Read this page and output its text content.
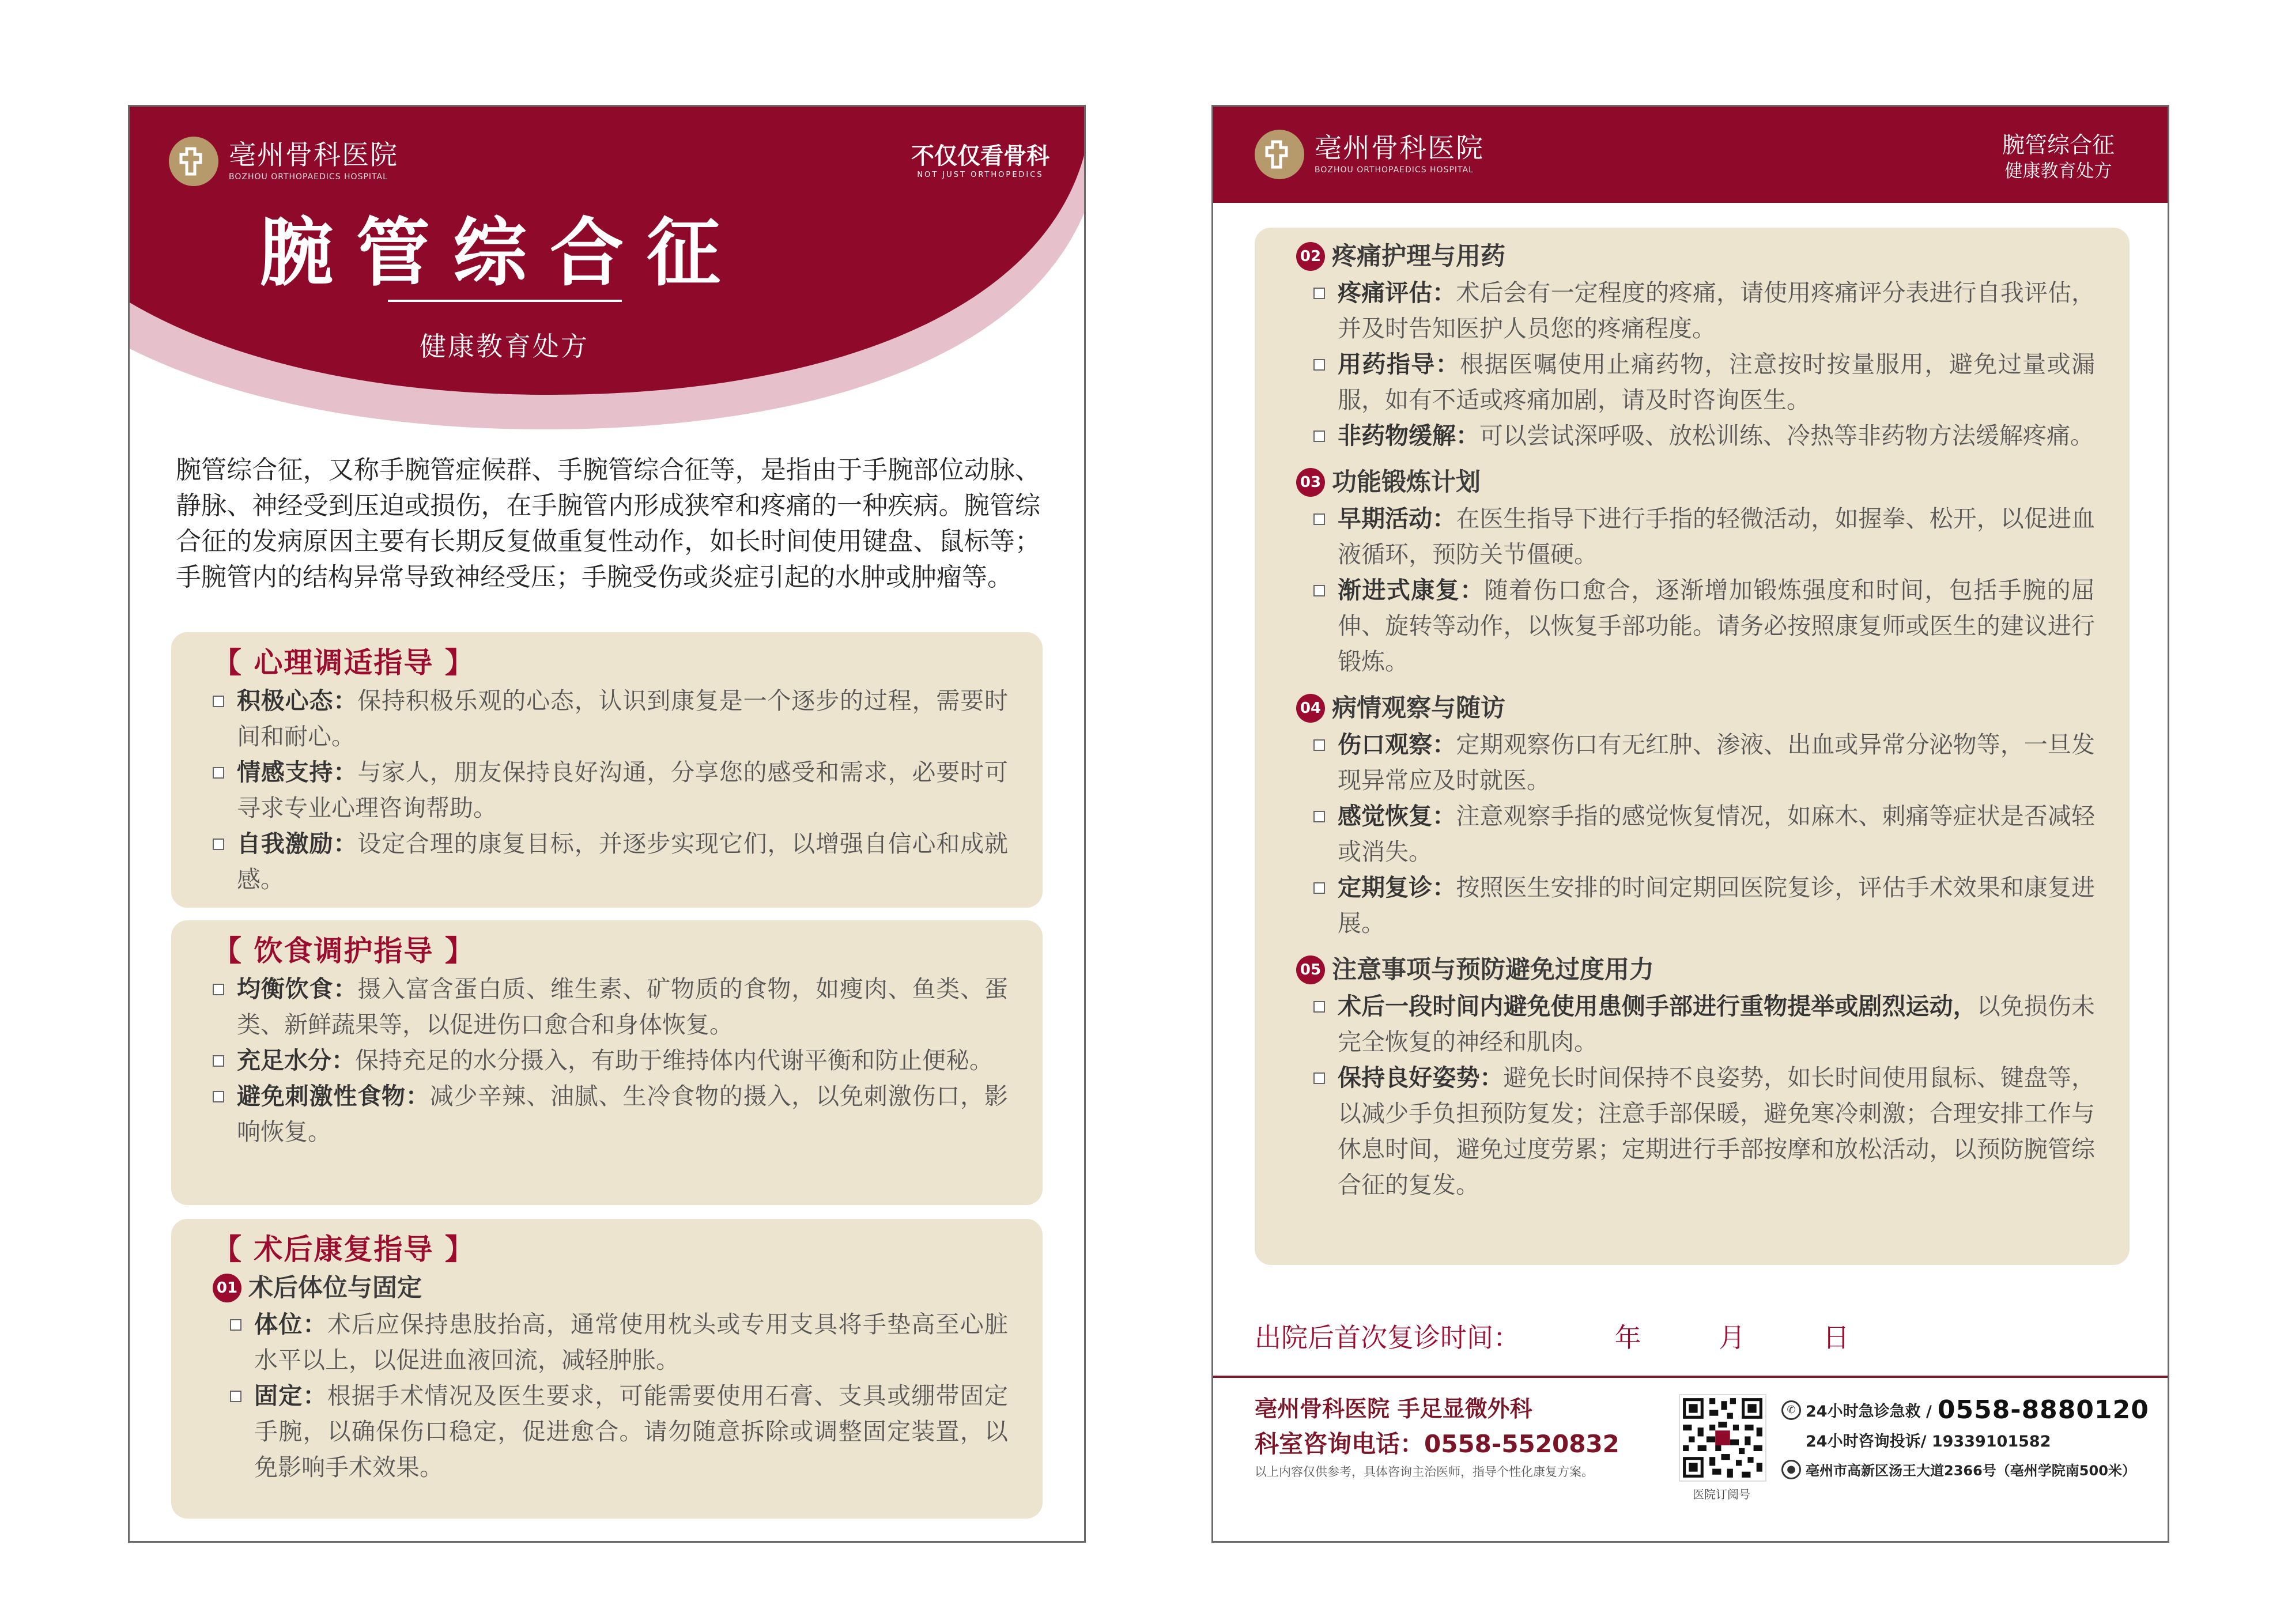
亳州骨科医院
BOZHOU ORTHOPAEDICS HOSPITAL
不仅仅看骨科
NOT JUST ORTHOPEDICS
腕管综合征
健康教育处方
腕管综合征，又称手腕管症候群、手腕管综合征等，是指由于手腕部位动脉、静脉、神经受到压迫或损伤，在手腕管内形成狭窄和疼痛的一种疾病。腕管综合征的发病原因主要有长期反复做重复性动作，如长时间使用键盘、鼠标等；手腕管内的结构异常导致神经受压；手腕受伤或炎症引起的水肿或肿瘤等。
【 心理调适指导 】
积极心态：保持积极乐观的心态，认识到康复是一个逐步的过程，需要时间和耐心。
情感支持：与家人，朋友保持良好沟通，分享您的感受和需求，必要时可寻求专业心理咨询帮助。
自我激励：设定合理的康复目标，并逐步实现它们，以增强自信心和成就感。
【 饮食调护指导 】
均衡饮食：摄入富含蛋白质、维生素、矿物质的食物，如瘦肉、鱼类、蛋类、新鲜蔬果等，以促进伤口愈合和身体恢复。
充足水分：保持充足的水分摄入，有助于维持体内代谢平衡和防止便秘。
避免刺激性食物：减少辛辣、油腻、生冷食物的摄入，以免刺激伤口，影响恢复。
【 术后康复指导 】
01 术后体位与固定
体位：术后应保持患肢抬高，通常使用枕头或专用支具将手垫高至心脏水平以上，以促进血液回流，减轻肿胀。
固定：根据手术情况及医生要求，可能需要使用石膏、支具或绷带固定手腕，以确保伤口稳定，促进愈合。请勿随意拆除或调整固定装置，以免影响手术效果。
亳州骨科医院
BOZHOU ORTHOPAEDICS HOSPITAL
腕管综合征
健康教育处方
02 疼痛护理与用药
疼痛评估：术后会有一定程度的疼痛，请使用疼痛评分表进行自我评估，并及时告知医护人员您的疼痛程度。
用药指导：根据医嘱使用止痛药物，注意按时按量服用，避免过量或漏服，如有不适或疼痛加剧，请及时咨询医生。
非药物缓解：可以尝试深呼吸、放松训练、冷热等非药物方法缓解疼痛。
03 功能锻炼计划
早期活动：在医生指导下进行手指的轻微活动，如握拳、松开，以促进血液循环，预防关节僵硬。
渐进式康复：随着伤口愈合，逐渐增加锻炼强度和时间，包括手腕的屈伸、旋转等动作，以恢复手部功能。请务必按照康复师或医生的建议进行锻炼。
04 病情观察与随访
伤口观察：定期观察伤口有无红肿、渗液、出血或异常分泌物等，一旦发现异常应及时就医。
感觉恢复：注意观察手指的感觉恢复情况，如麻木、刺痛等症状是否减轻或消失。
定期复诊：按照医生安排的时间定期回医院复诊，评估手术效果和康复进展。
05 注意事项与预防避免过度用力
术后一段时间内避免使用患侧手部进行重物提举或剧烈运动，以免损伤未完全恢复的神经和肌肉。
保持良好姿势：避免长时间保持不良姿势，如长时间使用鼠标、键盘等，以减少手负担预防复发；注意手部保暖，避免寒冷刺激；合理安排工作与休息时间，避免过度劳累；定期进行手部按摩和放松活动，以预防腕管综合征的复发。
出院后首次复诊时间：	年	月	日
亳州骨科医院 手足显微外科
科室咨询电话：0558-5520832
以上内容仅供参考，具体咨询主治医师，指导个性化康复方案。
医院订阅号
✆ 24小时急诊急救 / 0558-8880120
24小时咨询投诉/ 19339101582
● 亳州市高新区汤王大道2366号（亳州学院南500米）
